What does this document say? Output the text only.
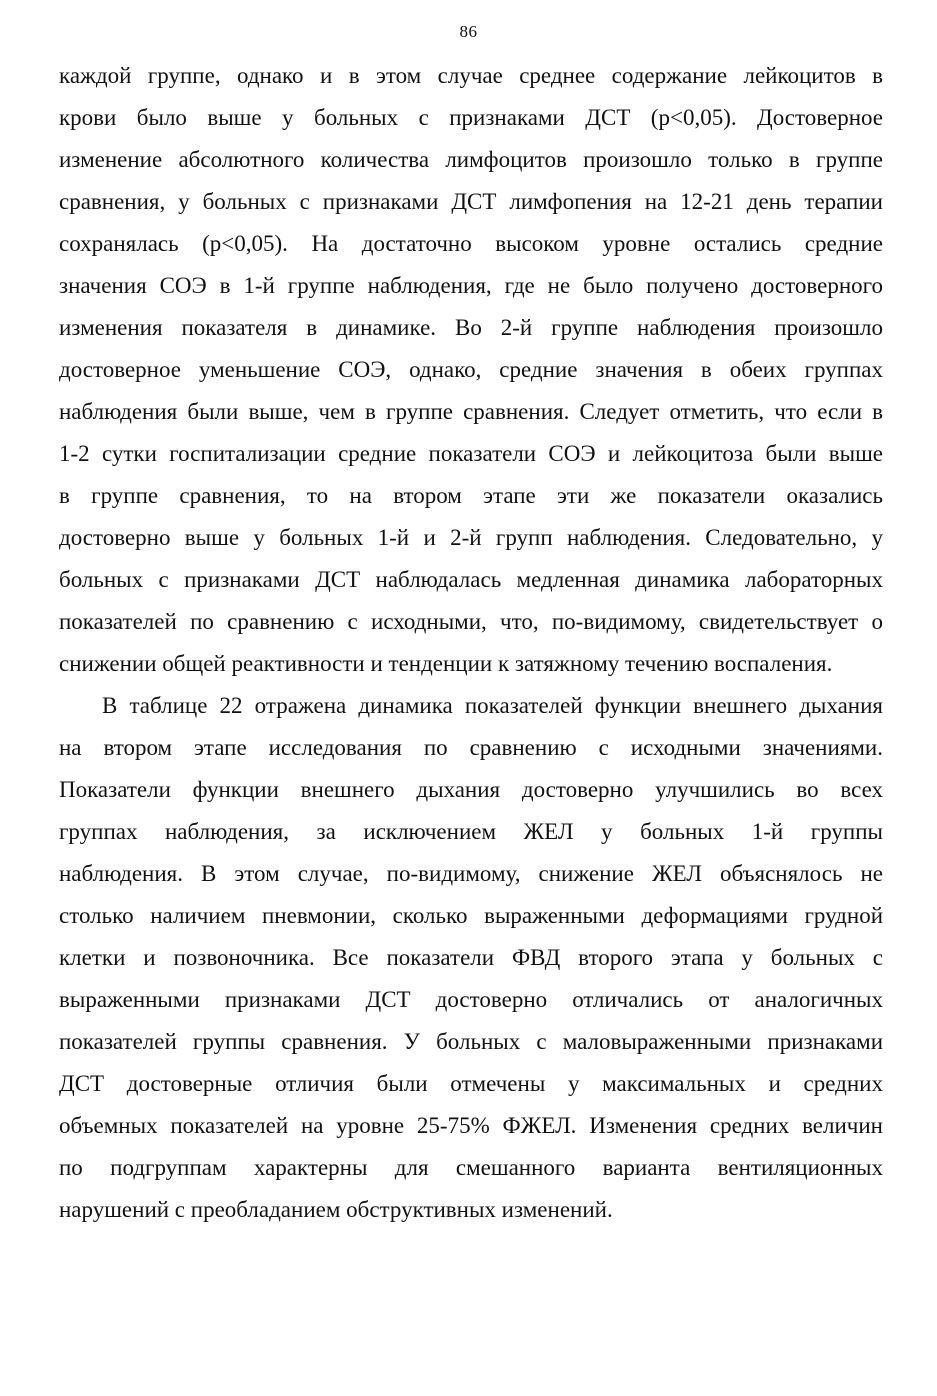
86
каждой группе, однако и в этом случае среднее содержание лейкоцитов в
крови было выше у больных с признаками ДСТ (р<0,05). Достоверное
изменение абсолютного количества лимфоцитов произошло только в группе
сравнения, у больных с признаками ДСТ лимфопения на 12-21 день терапии
сохранялась (р<0,05). На достаточно высоком уровне остались средние
значения СОЭ в 1-й группе наблюдения, где не было получено достоверного
изменения показателя в динамике. Во 2-й группе наблюдения произошло
достоверное уменьшение СОЭ, однако, средние значения в обеих группах
наблюдения были выше, чем в группе сравнения. Следует отметить, что если в
1-2 сутки госпитализации средние показатели СОЭ и лейкоцитоза были выше
в группе сравнения, то на втором этапе эти же показатели оказались
достоверно выше у больных 1-й и 2-й групп наблюдения. Следовательно, у
больных с признаками ДСТ наблюдалась медленная динамика лабораторных
показателей по сравнению с исходными, что, по-видимому, свидетельствует о
снижении общей реактивности и тенденции к затяжному течению воспаления.
В таблице 22 отражена динамика показателей функции внешнего дыхания
на втором этапе исследования по сравнению с исходными значениями.
Показатели функции внешнего дыхания достоверно улучшились во всех
группах наблюдения, за исключением ЖЕЛ у больных 1-й группы
наблюдения. В этом случае, по-видимому, снижение ЖЕЛ объяснялось не
столько наличием пневмонии, сколько выраженными деформациями грудной
клетки и позвоночника. Все показатели ФВД второго этапа у больных с
выраженными признаками ДСТ достоверно отличались от аналогичных
показателей группы сравнения. У больных с маловыраженными признаками
ДСТ достоверные отличия были отмечены у максимальных и средних
объемных показателей на уровне 25-75% ФЖЕЛ. Изменения средних величин
по подгруппам характерны для смешанного варианта вентиляционных
нарушений с преобладанием обструктивных изменений.
